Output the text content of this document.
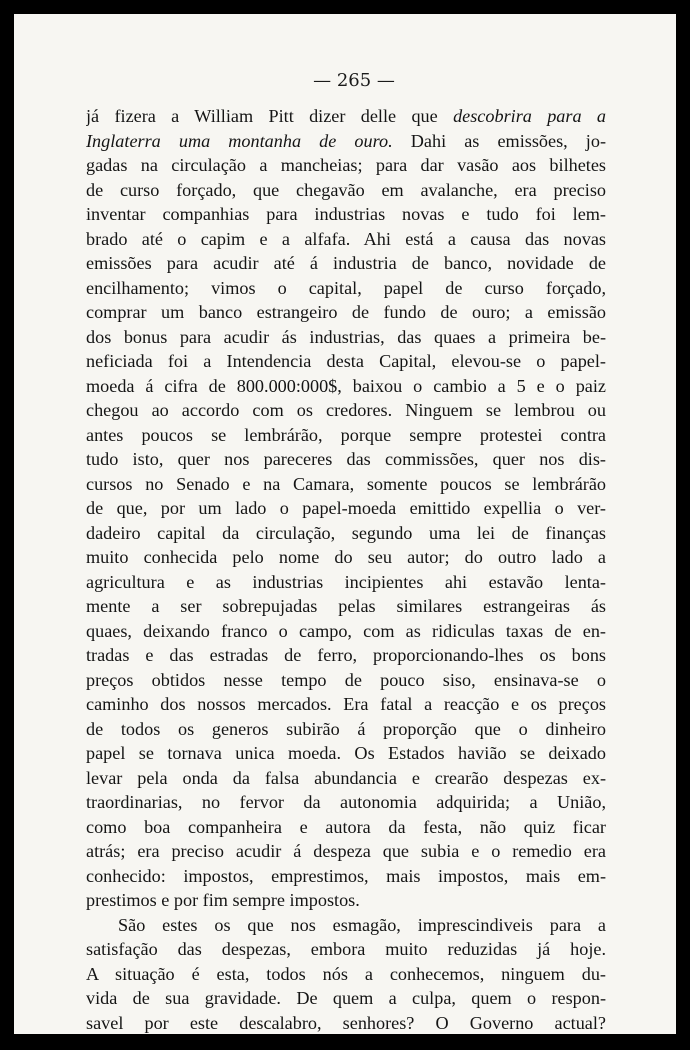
— 265 —
já fizera a William Pitt dizer delle que descobrira para a
Inglaterra uma montanha de ouro. Dahi as emissões, jo-
gadas na circulação a mancheias; para dar vasão aos bilhetes
de curso forçado, que chegavão em avalanche, era preciso
inventar companhias para industrias novas e tudo foi lem-
brado até o capim e a alfafa. Ahi está a causa das novas
emissões para acudir até á industria de banco, novidade de
encilhamento; vimos o capital, papel de curso forçado,
comprar um banco estrangeiro de fundo de ouro; a emissão
dos bonus para acudir ás industrias, das quaes a primeira be-
neficiada foi a Intendencia desta Capital, elevou-se o papel-
moeda á cifra de 800.000:000$, baixou o cambio a 5 e o paiz
chegou ao accordo com os credores. Ninguem se lembrou ou
antes poucos se lembrárão, porque sempre protestei contra
tudo isto, quer nos pareceres das commissões, quer nos dis-
cursos no Senado e na Camara, somente poucos se lembrárão
de que, por um lado o papel-moeda emittido expellia o ver-
dadeiro capital da circulação, segundo uma lei de finanças
muito conhecida pelo nome do seu autor; do outro lado a
agricultura e as industrias incipientes ahi estavão lenta-
mente a ser sobrepujadas pelas similares estrangeiras ás
quaes, deixando franco o campo, com as ridiculas taxas de en-
tradas e das estradas de ferro, proporcionando-lhes os bons
preços obtidos nesse tempo de pouco siso, ensinava-se o
caminho dos nossos mercados. Era fatal a reacção e os preços
de todos os generos subirão á proporção que o dinheiro
papel se tornava unica moeda. Os Estados havião se deixado
levar pela onda da falsa abundancia e crearão despezas ex-
traordinarias, no fervor da autonomia adquirida; a União,
como boa companheira e autora da festa, não quiz ficar
atrás; era preciso acudir á despeza que subia e o remedio era
conhecido: impostos, emprestimos, mais impostos, mais em-
prestimos e por fim sempre impostos.
São estes os que nos esmagão, imprescindiveis para a
satisfação das despezas, embora muito reduzidas já hoje.
A situação é esta, todos nós a conhecemos, ninguem du-
vida de sua gravidade. De quem a culpa, quem o respon-
savel por este descalabro, senhores? O Governo actual?
